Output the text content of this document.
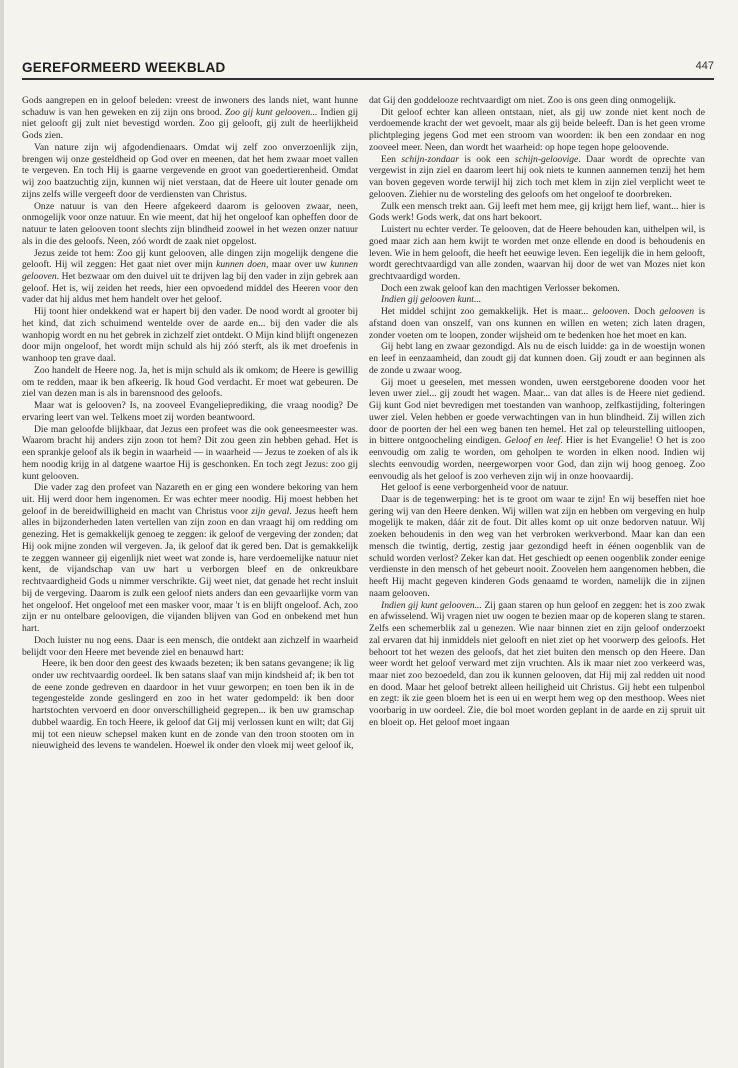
GEREFORMEERD WEEKBLAD	447

Gods aangrepen en in geloof beleden: vreest de inwoners des lands niet, want hunne schaduw is van hen geweken en zij zijn ons brood. Zoo gij kunt gelooven... Indien gij niet gelooft gij zult niet bevestigd worden. Zoo gij gelooft, gij zult de heerlijkheid Gods zien.

Van nature zijn wij afgodendienaars. Omdat wij zelf zoo onverzoenlijk zijn, brengen wij onze gesteldheid op God over en meenen, dat het hem zwaar moet vallen te vergeven. En toch Hij is gaarne vergevende en groot van goedertierenheid. Omdat wij zoo baatzuchtig zijn, kunnen wij niet verstaan, dat de Heere uit louter genade om zijns zelfs wille vergeeft door de verdiensten van Christus.

Onze natuur is van den Heere afgekeerd daarom is gelooven zwaar, neen, onmogelijk voor onze natuur. En wie meent, dat hij het ongeloof kan opheffen door de natuur te laten gelooven toont slechts zijn blindheid zoowel in het wezen onzer natuur als in die des geloofs. Neen, zóó wordt de zaak niet opgelost.

Jezus zeide tot hem: Zoo gij kunt gelooven, alle dingen zijn mogelijk dengene die gelooft. Hij wil zeggen: Het gaat niet over mijn kunnen doen, maar over uw kunnen gelooven. Het bezwaar om den duivel uit te drijven lag bij den vader in zijn gebrek aan geloof. Het is, wij zeiden het reeds, hier een opvoedend middel des Heeren voor den vader dat hij aldus met hem handelt over het geloof.

Hij toont hier ondekkend wat er hapert bij den vader. De nood wordt al grooter bij het kind, dat zich schuimend wentelde over de aarde en... bij den vader die als wanhopig wordt en nu het gebrek in zichzelf ziet ontdekt. O Mijn kind blijft ongenezen door mijn ongeloof, het wordt mijn schuld als hij zóó sterft, als ik met droefenis in wanhoop ten grave daal.

Zoo handelt de Heere nog. Ja, het is mijn schuld als ik omkom; de Heere is gewillig om te redden, maar ik ben afkeerig. Ik houd God verdacht. Er moet wat gebeuren. De ziel van dezen man is als in barensnood des geloofs.

Maar wat is gelooven? Is, na zooveel Evangelieprediking, die vraag noodig? De ervaring leert van wel. Telkens moet zij worden beantwoord.

Die man geloofde blijkbaar, dat Jezus een profeet was die ook geneesmeester was. Waarom bracht hij anders zijn zoon tot hem? Dit zou geen zin hebben gehad. Het is een sprankje geloof als ik begin in waarheid — in waarheid — Jezus te zoeken of als ik hem noodig krijg in al datgene waartoe Hij is geschonken. En toch zegt Jezus: zoo gij kunt gelooven.

Die vader zag den profeet van Nazareth en er ging een wondere bekoring van hem uit. Hij werd door hem ingenomen. Er was echter meer noodig. Hij moest hebben het geloof in de bereidwilligheid en macht van Christus voor zijn geval. Jezus heeft hem alles in bijzonderheden laten vertellen van zijn zoon en dan vraagt hij om redding om genezing. Het is gemakkelijk genoeg te zeggen: ik geloof de vergeving der zonden; dat Hij ook mijne zonden wil vergeven. Ja, ik geloof dat ik gered ben. Dat is gemakkelijk te zeggen wanneer gij eigenlijk niet weet wat zonde is, hare verdoemelijke natuur niet kent, de vijandschap van uw hart u verborgen bleef en de onkreukbare rechtvaardigheid Gods u nimmer verschrikte. Gij weet niet, dat genade het recht insluit bij de vergeving. Daarom is zulk een geloof niets anders dan een gevaarlijke vorm van het ongeloof. Het ongeloof met een masker voor, maar 't is en blijft ongeloof. Ach, zoo zijn er nu ontelbare geloovigen, die vijanden blijven van God en onbekend met hun hart.

Doch luister nu nog eens. Daar is een mensch, die ontdekt aan zichzelf in waarheid belijdt voor den Heere met bevende ziel en benauwd hart:

Heere, ik ben door den geest des kwaads bezeten; ik ben satans gevangene; ik lig onder uw rechtvaardig oordeel. Ik ben satans slaaf van mijn kindsheid af; ik ben tot de eene zonde gedreven en daardoor in het vuur geworpen; en toen ben ik in de tegengestelde zonde geslingerd en zoo in het water gedompeld: ik ben door hartstochten vervoerd en door onverschilligheid gegrepen... ik ben uw gramschap dubbel waardig. En toch Heere, ik geloof dat Gij mij verlossen kunt en wilt; dat Gij mij tot een nieuw schepsel maken kunt en de zonde van den troon stooten om in nieuwigheid des levens te wandelen. Hoewel ik onder den vloek mij weet geloof ik,

dat Gij den goddelooze rechtvaardigt om niet. Zoo is ons geen ding onmogelijk.

Dit geloof echter kan alleen ontstaan, niet, als gij uw zonde niet kent noch de verdoemende kracht der wet gevoelt, maar als gij beide beleeft. Dan is het geen vrome plichtpleging jegens God met een stroom van woorden: ik ben een zondaar en nog zooveel meer. Neen, dan wordt het waarheid: op hope tegen hope geloovende.

Een schijn-zondaar is ook een schijn-geloovige. Daar wordt de oprechte van vergewist in zijn ziel en daarom leert hij ook niets te kunnen aannemen tenzij het hem van boven gegeven worde terwijl hij zich toch met klem in zijn ziel verplicht weet te gelooven. Ziehier nu de worsteling des geloofs om het ongeloof te doorbreken.

Zulk een mensch trekt aan. Gij leeft met hem mee, gij krijgt hem lief, want... hier is Gods werk! Gods werk, dat ons hart bekoort.

Luistert nu echter verder. Te gelooven, dat de Heere behouden kan, uithelpen wil, is goed maar zich aan hem kwijt te worden met onze ellende en dood is behoudenis en leven. Wie in hem gelooft, die heeft het eeuwige leven. Een iegelijk die in hem gelooft, wordt gerechtvaardigd van alle zonden, waarvan hij door de wet van Mozes niet kon grechtvaardigd worden.

Doch een zwak geloof kan den machtigen Verlosser bekomen.

Indien gij gelooven kunt...

Het middel schijnt zoo gemakkelijk. Het is maar... gelooven. Doch gelooven is afstand doen van onszelf, van ons kunnen en willen en weten; zich laten dragen, zonder voeten om te loopen, zonder wijsheid om te bedenken hoe het moet en kan.

Gij hebt lang en zwaar gezondigd. Als nu de eisch luidde: ga in de woestijn wonen en leef in eenzaamheid, dan zoudt gij dat kunnen doen. Gij zoudt er aan beginnen als de zonde u zwaar woog.

Gij moet u geeselen, met messen wonden, uwen eerstgeborene dooden voor het leven uwer ziel... gij zoudt het wagen. Maar... van dat alles is de Heere niet gediend. Gij kunt God niet bevredigen met toestanden van wanhoop, zelfkastijding, folteringen uwer ziel. Velen hebben er goede verwachtingen van in hun blindheid. Zij willen zich door de poorten der hel een weg banen ten hemel. Het zal op teleurstelling uitloopen, in bittere ontgoocheling eindigen. Geloof en leef. Hier is het Evangelie! O het is zoo eenvoudig om zalig te worden, om geholpen te worden in elken nood. Indien wij slechts eenvoudig worden, neergeworpen voor God, dan zijn wij hoog genoeg. Zoo eenvoudig als het geloof is zoo verheven zijn wij in onze hoovaardij.

Het geloof is eene verborgenheid voor de natuur.

Daar is de tegenwerping: het is te groot om waar te zijn! En wij beseffen niet hoe gering wij van den Heere denken. Wij willen wat zijn en hebben om vergeving en hulp mogelijk te maken, dáár zit de fout. Dit alles komt op uit onze bedorven natuur. Wij zoeken behoudenis in den weg van het verbroken werkverbond. Maar kan dan een mensch die twintig, dertig, zestig jaar gezondigd heeft in éénen oogenblik van de schuld worden verlost? Zeker kan dat. Het geschiedt op eenen oogenblik zonder eenige verdienste in den mensch of het gebeurt nooit. Zoovelen hem aangenomen hebben, die heeft Hij macht gegeven kinderen Gods genaamd te worden, namelijk die in zijnen naam gelooven.

Indien gij kunt gelooven... Zij gaan staren op hun geloof en zeggen: het is zoo zwak en afwisselend. Wij vragen niet uw oogen te bezien maar op de koperen slang te staren. Zelfs een schemerblik zal u genezen. Wie naar binnen ziet en zijn geloof onderzoekt zal ervaren dat hij inmiddels niet gelooft en niet ziet op het voorwerp des geloofs. Het behoort tot het wezen des geloofs, dat het ziet buiten den mensch op den Heere. Dan weer wordt het geloof verward met zijn vruchten. Als ik maar niet zoo verkeerd was, maar niet zoo bezoedeld, dan zou ik kunnen gelooven, dat Hij mij zal redden uit nood en dood. Maar het geloof betrekt alleen heiligheid uit Christus. Gij hebt een tulpenbol en zegt: ik zie geen bloem het is een ui en werpt hem weg op den mesthoop. Wees niet voorbarig in uw oordeel. Zie, die bol moet worden geplant in de aarde en zij spruit uit en bloeit op. Het geloof moet ingaan
